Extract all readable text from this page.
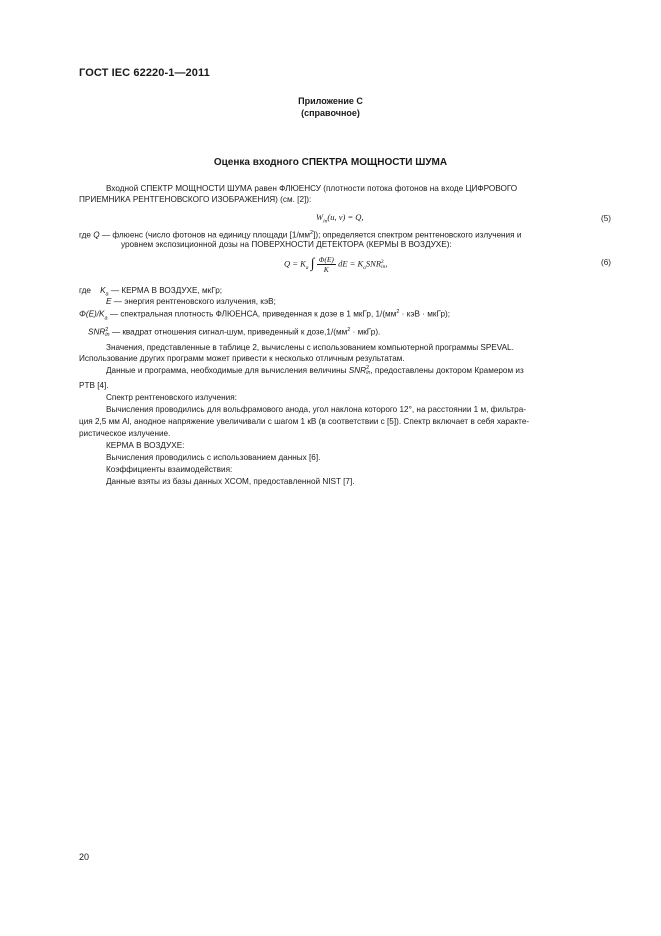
ГОСТ IEC 62220-1—2011
Приложение С
(справочное)
Оценка входного СПЕКТРА МОЩНОСТИ ШУМА
Входной СПЕКТР МОЩНОСТИ ШУМА равен ФЛЮЕНСУ (плотности потока фотонов на входе ЦИФРОВОГО
ПРИЕМНИКА РЕНТГЕНОВСКОГО ИЗОБРАЖЕНИЯ) (см. [2]):
$W_{in}(u$, v) = Q,	(5)
где Q — флюенс (число фотонов на единицу площади $[1/мм^2]$); определяется спектром рентгеновского излучения и
уровнем экспозиционной дозы на ПОВЕРХНОСТИ ДЕТЕКТОРА (КЕРМЫ В ВОЗДУХЕ):
$Q = K_a$ ∫ $\frac{\Phi(E)}{K}$ dE = $K_aSNR$ 2
in ,	(6)
где $K_a$ — КЕРМА В ВОЗДУХЕ, мкГр;
E — энергия рентгеновского излучения, кэВ;
$\Phi(E)/K_a$ — спектральная плотность ФЛЮЕНСА, приведенная к дозе в 1 мкГр, $1/(мм^2$ · кэВ · мкГр);
SNR 2
in — квадрат отношения сигнал-шум, приведенный к $дозе,1/(мм^2$ · мкГр).
Значения, представленные в таблице 2, вычислены с использованием компьютерной программы SPEVAL.
Использование других программ может привести к несколько отличным результатам.
Данные и программа, необходимые для вычисления величины SNR 2
in , предоставлены доктором Крамером из
PTB [4].
Спектр рентгеновского излучения:
Вычисления проводились для вольфрамового анода, угол наклона которого 12°, на расстоянии 1 м, фильтра-
ция 2,5 мм Al, анодное напряжение увеличивали с шагом 1 кВ (в соответствии с [5]). Спектр включает в себя характе-
ристическое излучение.
КЕРМА В ВОЗДУХЕ:
Вычисления проводились с использованием данных [6].
Коэффициенты взаимодействия:
Данные взяты из базы данных XCOM, предоставленной NIST [7].
20
